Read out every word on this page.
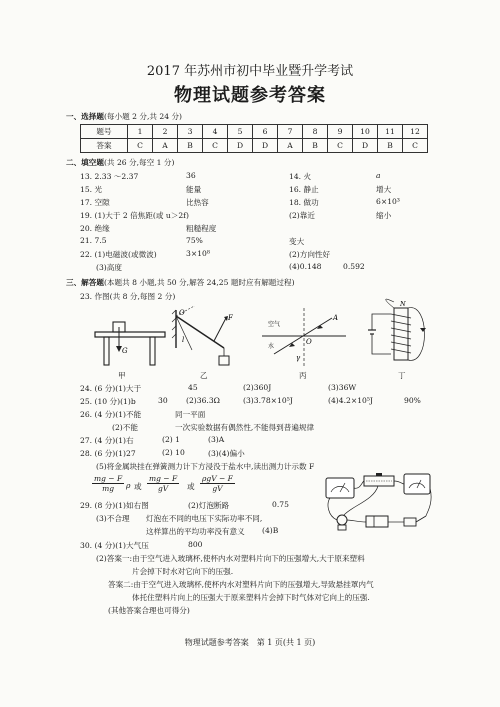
2017 年苏州市初中毕业暨升学考试
物理试题参考答案
一、选择题(每小题 2 分,共 24 分)
题号	1	2	3	4	5	6	7	8	9	10	11	12
答案	C	A	B	C	D	D	A	B	C	D	B	C
二、填空题(共 26 分,每空 1 分)
13. 2.33 ～2.37	36	14. 火	a
15. 光	能量	16. 静止	增大
17. 空隙	比热容	18. 做功	6×10³
19. (1)大于 2 倍焦距(或 u＞2f)	(2)靠近	缩小
20. 绝缘	粗糙程度
21. 7.5	75%	变大
22. (1)电磁波(或微波)	3×10⁸	(2)方向性好
(3)高度	(4)0.148	0.592
三、解答题(本题共 8 小题,共 50 分,解答 24,25 题时应有解题过程)
23. 作图(共 8 分,每图 2 分)
G
O
F
l
空气
水
A
O
γ
N
甲	乙	丙	丁
24. (6 分)(1)大于	45	(2)360J	(3)36W
25. (10 分)(1)b	30 (2)36.3Ω	(3)3.78×10⁵J	(4)4.2×10⁵J	90%
26. (4 分)(1)不能	同一平面
(2)不能	一次实验数据有偶然性,不能得到普遍规律
27. (4 分)(1)右	(2) 1	(3)A
28. (6 分)(1)27	(2) 10	(3)(4)偏小
(5)将金属块挂在弹簧测力计下方浸没于盐水中,读出测力计示数 F
$\frac{mg - F}{mg}$ ρ 或 $\frac{mg - F}{gV}$ 或
ρgV − F
gV
29. (8 分)(1)如右图	(2)灯泡断路	0.75
(3)不合理 灯泡在不同的电压下实际功率不同,
这样算出的平均功率没有意义 (4)B
30. (4 分)(1)大气压	800
(2)答案一:由于空气进入玻璃杯,使杯内水对塑料片向下的压强增大,大于原来塑料
片会掉下时水对它向下的压强.
答案二:由于空气进入玻璃杯,使杯内水对塑料片向下的压强增大,导致悬挂罩内气
体托住塑料片向上的压强大于原来塑料片会掉下时气体对它向上的压强.
(其他答案合理也可得分)
物理试题参考答案　第 1 页(共 1 页)
